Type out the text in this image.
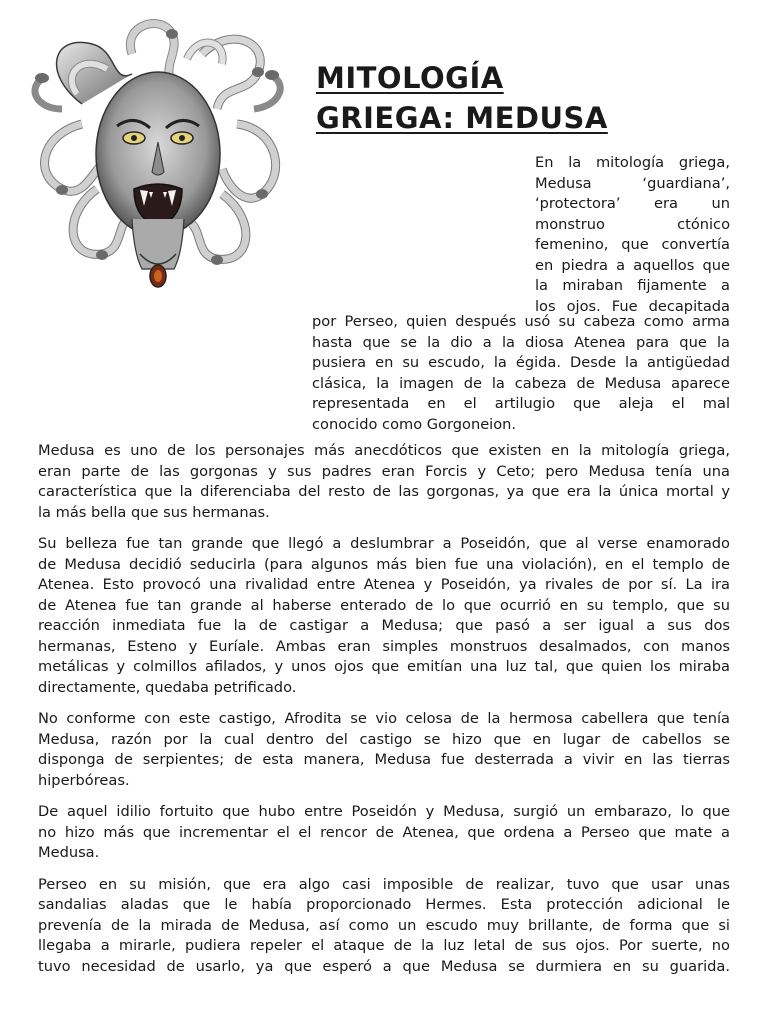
MITOLOGÍA
GRIEGA: MEDUSA
En la mitología griega,
Medusa ‘guardiana’,
‘protectora’ era un
monstruo ctónico
femenino, que convertía
en piedra a aquellos que
la miraban fijamente a
los ojos. Fue decapitada
por Perseo, quien después usó su cabeza como arma
hasta que se la dio a la diosa Atenea para que la
pusiera en su escudo, la égida. Desde la antigüedad
clásica, la imagen de la cabeza de Medusa aparece
representada en el artilugio que aleja el mal
conocido como Gorgoneion.

Medusa es uno de los personajes más anecdóticos que existen en la mitología griega,
eran parte de las gorgonas y sus padres eran Forcis y Ceto; pero Medusa tenía una
característica que la diferenciaba del resto de las gorgonas, ya que era la única mortal y
la más bella que sus hermanas.

Su belleza fue tan grande que llegó a deslumbrar a Poseidón, que al verse enamorado
de Medusa decidió seducirla (para algunos más bien fue una violación), en el templo de
Atenea. Esto provocó una rivalidad entre Atenea y Poseidón, ya rivales de por sí. La ira
de Atenea fue tan grande al haberse enterado de lo que ocurrió en su templo, que su
reacción inmediata fue la de castigar a Medusa; que pasó a ser igual a sus dos
hermanas, Esteno y Euríale. Ambas eran simples monstruos desalmados, con manos
metálicas y colmillos afilados, y unos ojos que emitían una luz tal, que quien los miraba
directamente, quedaba petrificado.

No conforme con este castigo, Afrodita se vio celosa de la hermosa cabellera que tenía
Medusa, razón por la cual dentro del castigo se hizo que en lugar de cabellos se
disponga de serpientes; de esta manera, Medusa fue desterrada a vivir en las tierras
hiperbóreas.

De aquel idilio fortuito que hubo entre Poseidón y Medusa, surgió un embarazo, lo que
no hizo más que incrementar el el rencor de Atenea, que ordena a Perseo que mate a
Medusa.

Perseo en su misión, que era algo casi imposible de realizar, tuvo que usar unas
sandalias aladas que le había proporcionado Hermes. Esta protección adicional le
prevenía de la mirada de Medusa, así como un escudo muy brillante, de forma que si
llegaba a mirarle, pudiera repeler el ataque de la luz letal de sus ojos. Por suerte, no
tuvo necesidad de usarlo, ya que esperó a que Medusa se durmiera en su guarida.
